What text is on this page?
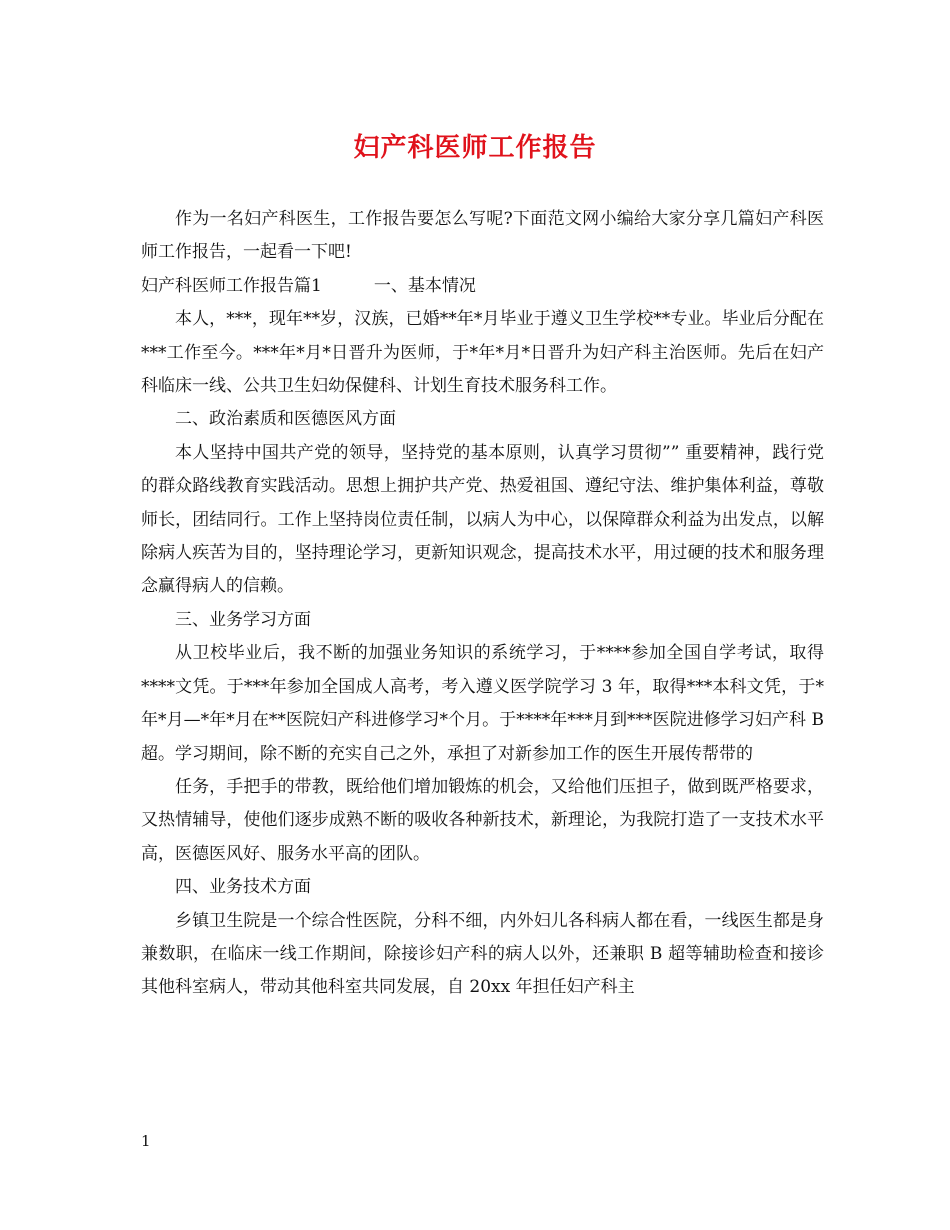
妇产科医师工作报告

作为一名妇产科医生，工作报告要怎么写呢?下面范文网小编给大家分享几篇妇产科医师工作报告，一起看一下吧!

妇产科医师工作报告篇1	一、基本情况

本人，***，现年**岁，汉族，已婚**年*月毕业于遵义卫生学校**专业。毕业后分配在***工作至今。***年*月*日晋升为医师，于*年*月*日晋升为妇产科主治医师。先后在妇产科临床一线、公共卫生妇幼保健科、计划生育技术服务科工作。

二、政治素质和医德医风方面

本人坚持中国共产党的领导，坚持党的基本原则，认真学习贯彻”” 重要精神，践行党的群众路线教育实践活动。思想上拥护共产党、热爱祖国、遵纪守法、维护集体利益，尊敬师长，团结同行。工作上坚持岗位责任制，以病人为中心，以保障群众利益为出发点，以解除病人疾苦为目的，坚持理论学习，更新知识观念，提高技术水平，用过硬的技术和服务理念赢得病人的信赖。

三、业务学习方面

从卫校毕业后，我不断的加强业务知识的系统学习，于****参加全国自学考试，取得****文凭。于***年参加全国成人高考，考入遵义医学院学习 3 年，取得***本科文凭，于*年*月—*年*月在**医院妇产科进修学习*个月。于****年***月到***医院进修学习妇产科 B 超。学习期间，除不断的充实自己之外，承担了对新参加工作的医生开展传帮带的

任务，手把手的带教，既给他们增加锻炼的机会，又给他们压担子，做到既严格要求，又热情辅导，使他们逐步成熟不断的吸收各种新技术，新理论，为我院打造了一支技术水平高，医德医风好、服务水平高的团队。

四、业务技术方面

乡镇卫生院是一个综合性医院，分科不细，内外妇儿各科病人都在看，一线医生都是身兼数职，在临床一线工作期间，除接诊妇产科的病人以外，还兼职 B 超等辅助检查和接诊其他科室病人，带动其他科室共同发展，自 20xx 年担任妇产科主

1
